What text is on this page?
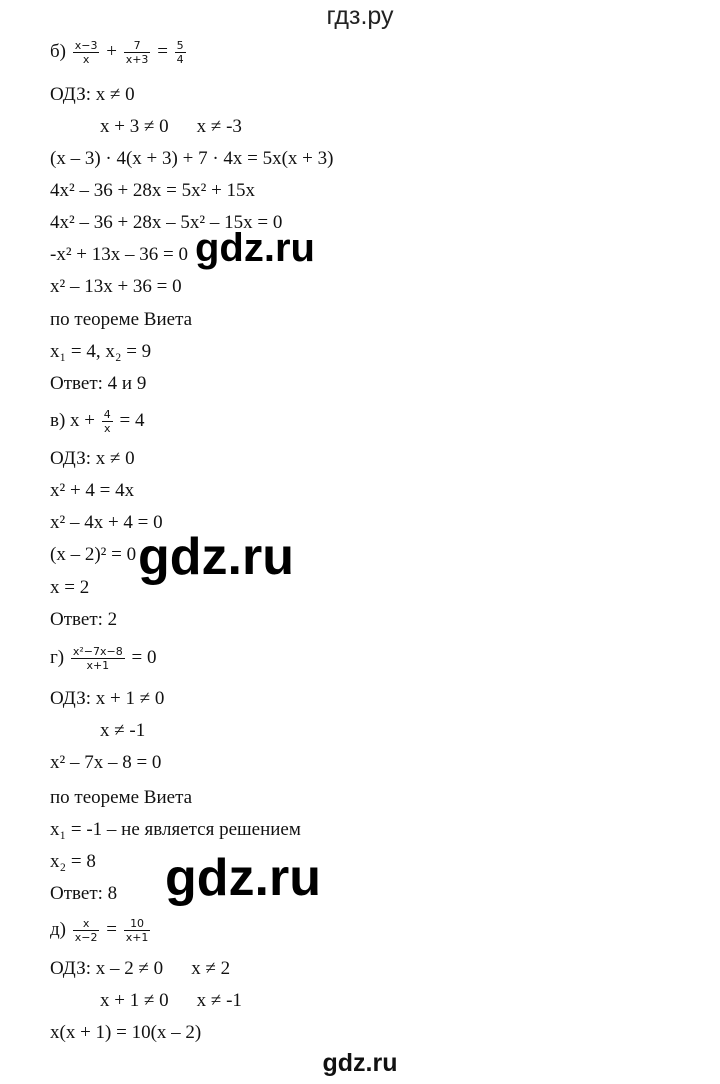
гдз.ру
$б) \frac{x-3}{x} + \frac{7}{x+3} = \frac{5}{4}$
ОДЗ: x ≠ 0
x + 3 ≠ 0 x ≠ -3
(x – 3) · 4(x + 3) + 7 · 4x = 5x(x + 3)
4x² – 36 + 28x = 5x² + 15x
4x² – 36 + 28x – 5x² – 15x = 0
-x² + 13x – 36 = 0
x² – 13x + 36 = 0
по теореме Виета
x₁ = 4, x₂ = 9
Ответ: 4 и 9
в) $x + \frac{4}{x} = 4$
ОДЗ: x ≠ 0
x² + 4 = 4x
x² – 4x + 4 = 0
(x – 2)² = 0
x = 2
Ответ: 2
$г) \frac{\text{x²−7x−8}}{x+1} = 0$
ОДЗ: x + 1 ≠ 0
x ≠ -1
x² – 7x – 8 = 0
по теореме Виета
x₁ = -1 – не является решением
x₂ = 8
Ответ: 8
$д) \frac{x}{x-2} = \frac{10}{x+1}$
ОДЗ: x – 2 ≠ 0 x ≠ 2
x + 1 ≠ 0 x ≠ -1
x(x + 1) = 10(x – 2)
gdz.ru
gdz.ru
gdz.ru
gdz.ru
